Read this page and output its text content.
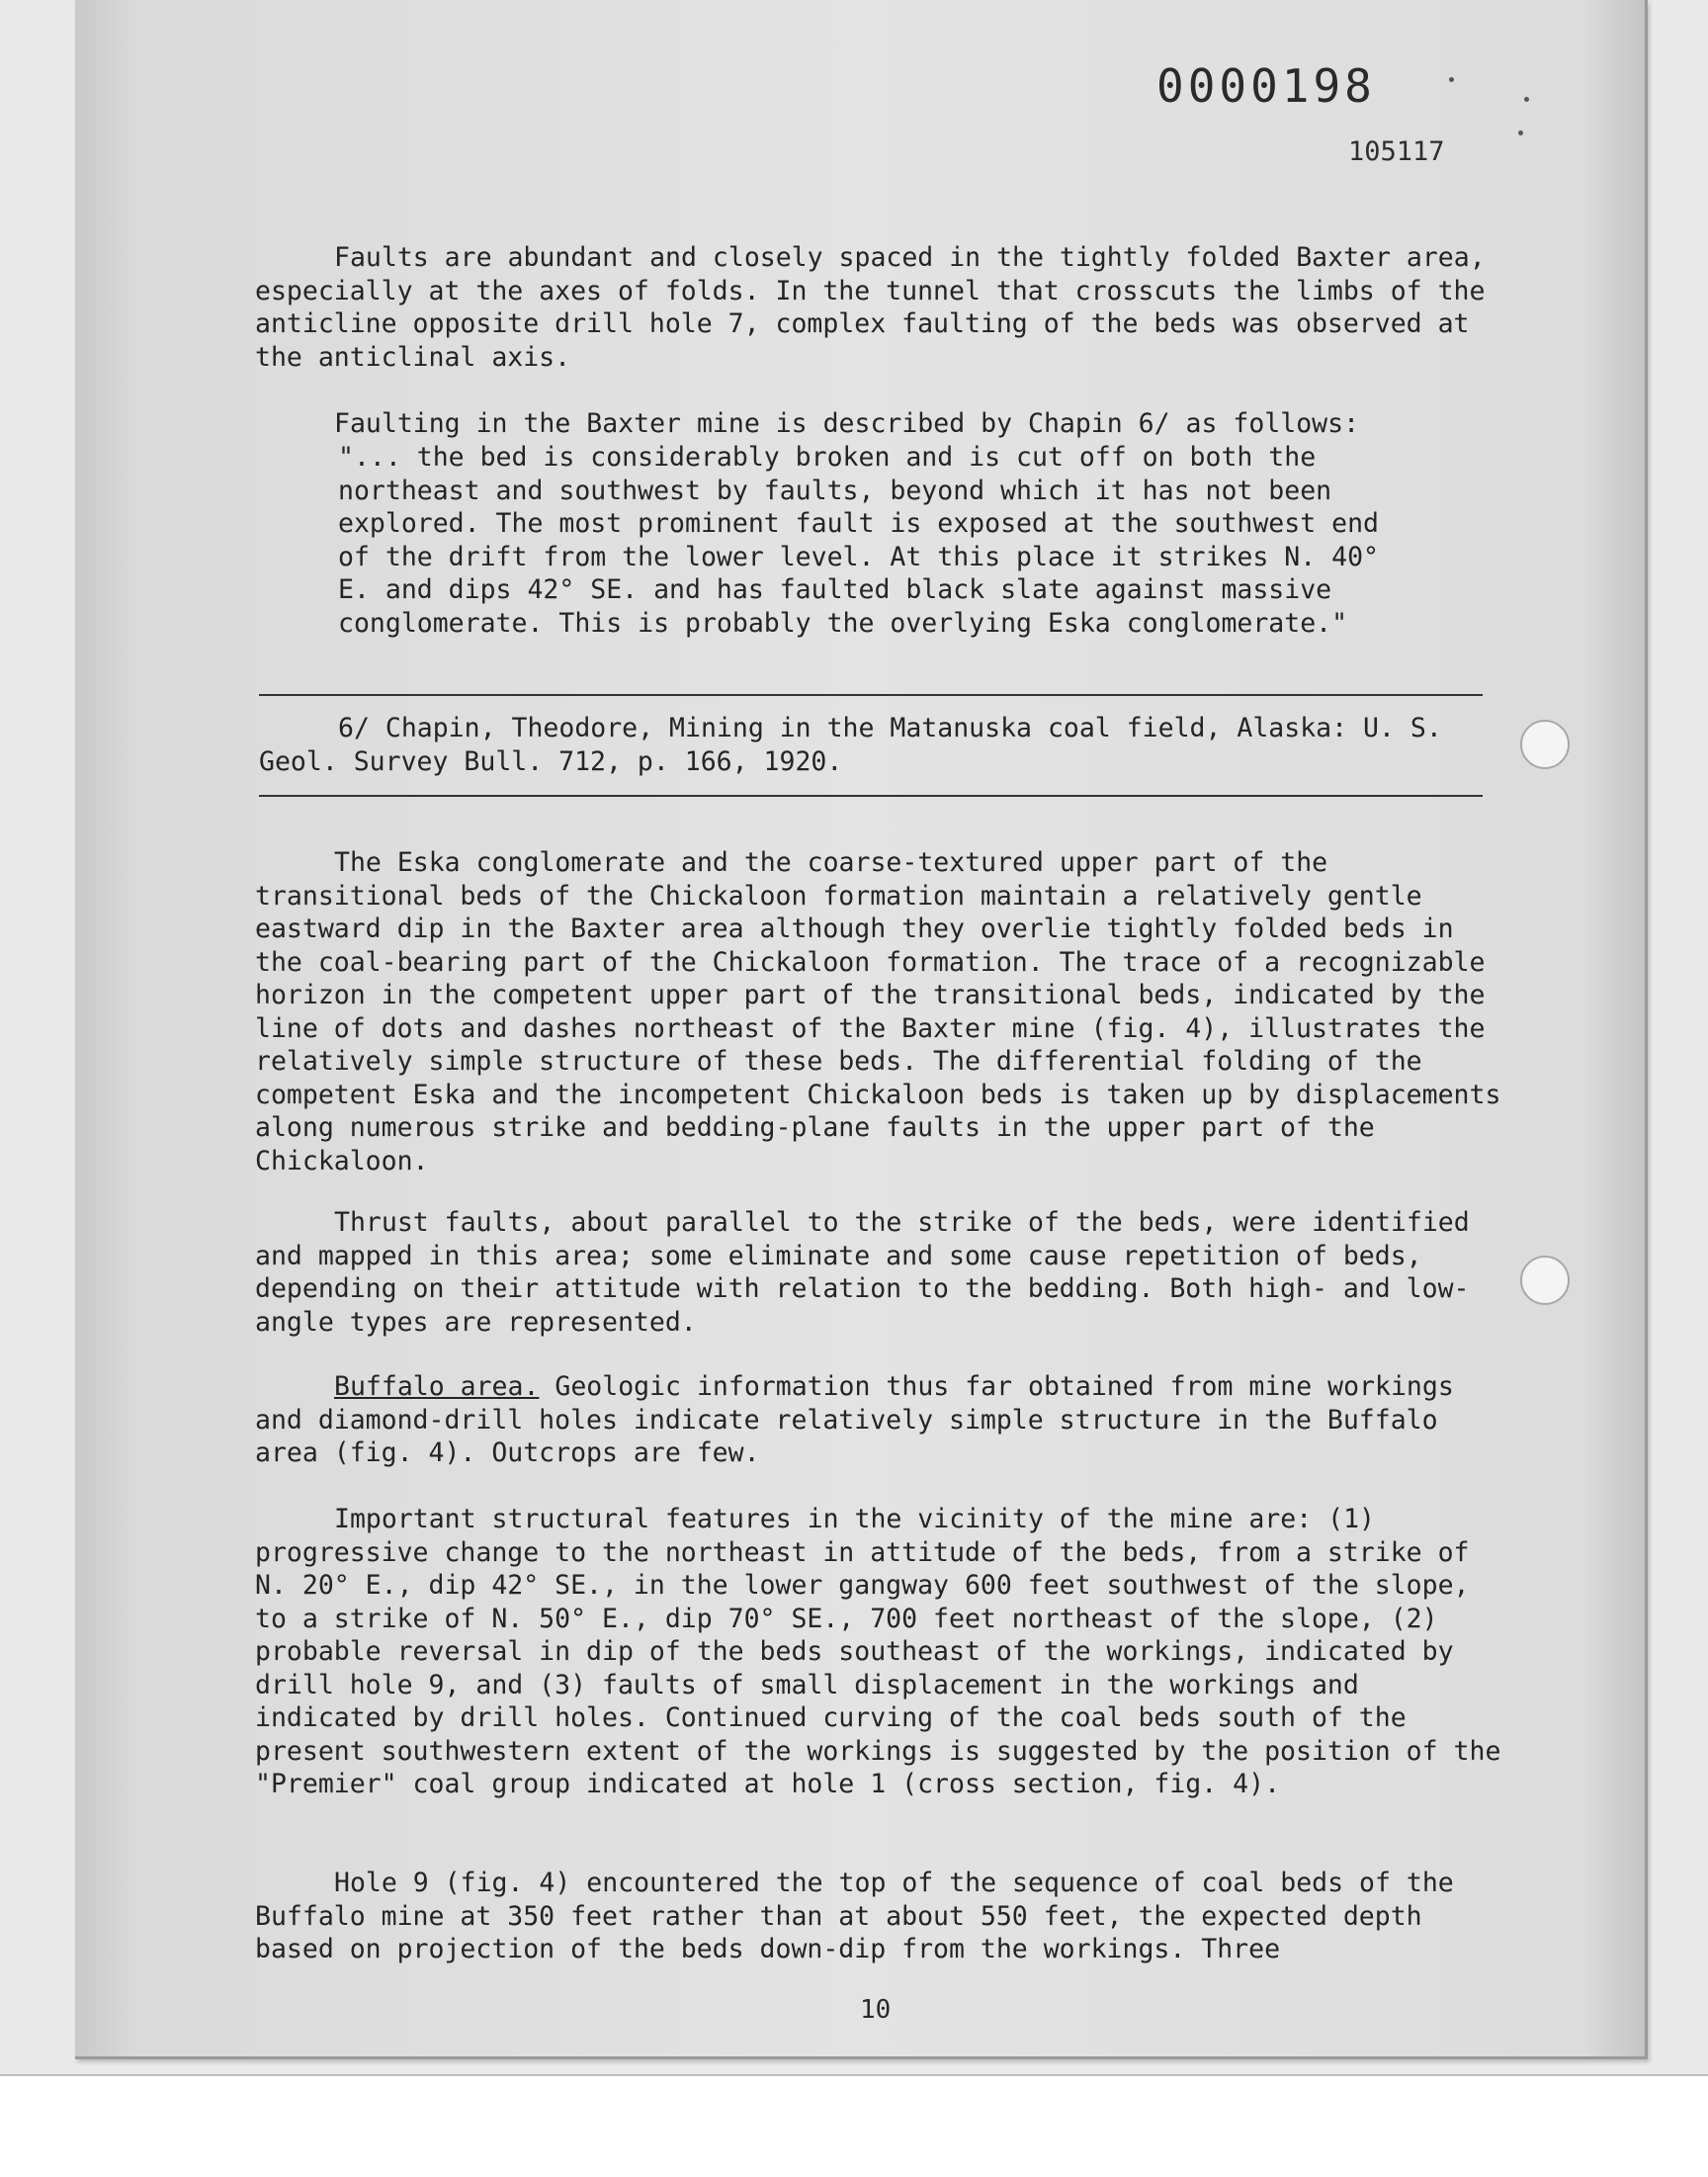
0000198
105117

Faults are abundant and closely spaced in the tightly folded Baxter area, especially at the axes of folds. In the tunnel that crosscuts the limbs of the anticline opposite drill hole 7, complex faulting of the beds was observed at the anticlinal axis.

Faulting in the Baxter mine is described by Chapin 6/ as follows:

"... the bed is considerably broken and is cut off on both the northeast and southwest by faults, beyond which it has not been explored. The most prominent fault is exposed at the southwest end of the drift from the lower level. At this place it strikes N. 40° E. and dips 42° SE. and has faulted black slate against massive conglomerate. This is probably the overlying Eska conglomerate."

6/ Chapin, Theodore, Mining in the Matanuska coal field, Alaska: U. S. Geol. Survey Bull. 712, p. 166, 1920.

The Eska conglomerate and the coarse-textured upper part of the transitional beds of the Chickaloon formation maintain a relatively gentle eastward dip in the Baxter area although they overlie tightly folded beds in the coal-bearing part of the Chickaloon formation. The trace of a recognizable horizon in the competent upper part of the transitional beds, indicated by the line of dots and dashes northeast of the Baxter mine (fig. 4), illustrates the relatively simple structure of these beds. The differential folding of the competent Eska and the incompetent Chickaloon beds is taken up by displacements along numerous strike and bedding-plane faults in the upper part of the Chickaloon.

Thrust faults, about parallel to the strike of the beds, were identified and mapped in this area; some eliminate and some cause repetition of beds, depending on their attitude with relation to the bedding. Both high- and low-angle types are represented.

Buffalo area. Geologic information thus far obtained from mine workings and diamond-drill holes indicate relatively simple structure in the Buffalo area (fig. 4). Outcrops are few.

Important structural features in the vicinity of the mine are: (1) progressive change to the northeast in attitude of the beds, from a strike of N. 20° E., dip 42° SE., in the lower gangway 600 feet southwest of the slope, to a strike of N. 50° E., dip 70° SE., 700 feet northeast of the slope, (2) probable reversal in dip of the beds southeast of the workings, indicated by drill hole 9, and (3) faults of small displacement in the workings and indicated by drill holes. Continued curving of the coal beds south of the present southwestern extent of the workings is suggested by the position of the "Premier" coal group indicated at hole 1 (cross section, fig. 4).

Hole 9 (fig. 4) encountered the top of the sequence of coal beds of the Buffalo mine at 350 feet rather than at about 550 feet, the expected depth based on projection of the beds down-dip from the workings. Three

10
